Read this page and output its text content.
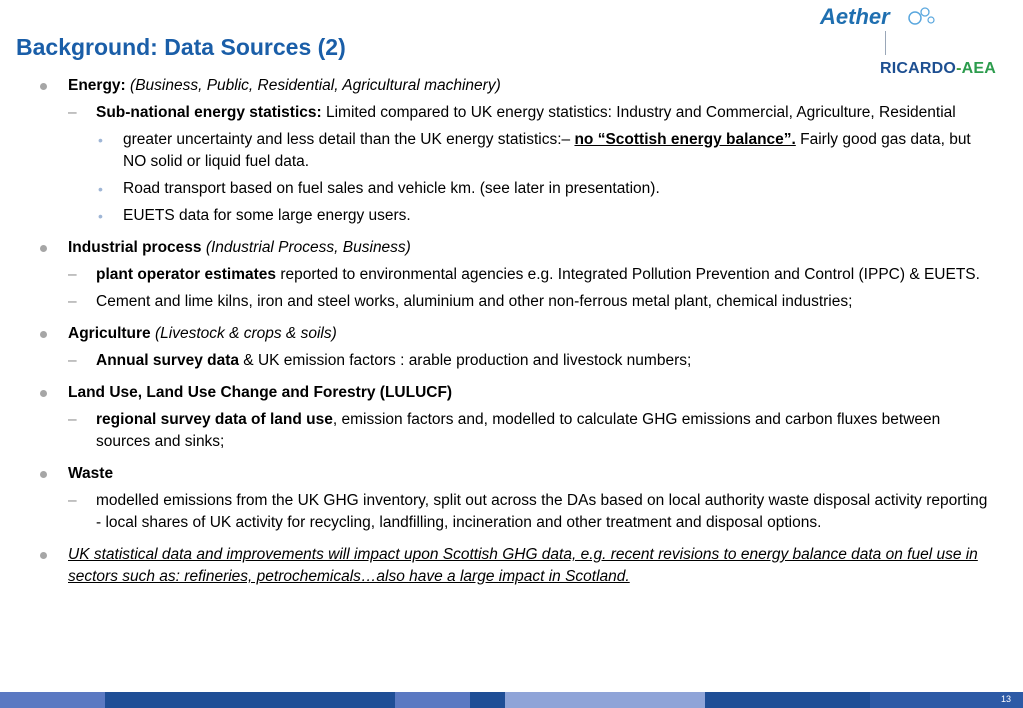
Background: Data Sources (2)
Aether
RICARDO-AEA
Energy: (Business, Public, Residential, Agricultural machinery)
– Sub-national energy statistics: Limited compared to UK energy statistics: Industry and Commercial, Agriculture, Residential
• greater uncertainty and less detail than the UK energy statistics:– no “Scottish energy balance”. Fairly good gas data, but NO solid or liquid fuel data.
• Road transport based on fuel sales and vehicle km. (see later in presentation).
• EUETS data for some large energy users.
Industrial process (Industrial Process, Business)
– plant operator estimates reported to environmental agencies e.g. Integrated Pollution Prevention and Control (IPPC) & EUETS.
– Cement and lime kilns, iron and steel works, aluminium and other non-ferrous metal plant, chemical industries;
Agriculture (Livestock & crops & soils)
– Annual survey data & UK emission factors : arable production and livestock numbers;
Land Use, Land Use Change and Forestry (LULUCF)
– regional survey data of land use, emission factors and, modelled to calculate GHG emissions and carbon fluxes between sources and sinks;
Waste
– modelled emissions from the UK GHG inventory, split out across the DAs based on local authority waste disposal activity reporting - local shares of UK activity for recycling, landfilling, incineration and other treatment and disposal options.
UK statistical data and improvements will impact upon Scottish GHG data, e.g. recent revisions to energy balance data on fuel use in sectors such as: refineries, petrochemicals…also have a large impact in Scotland.
13
